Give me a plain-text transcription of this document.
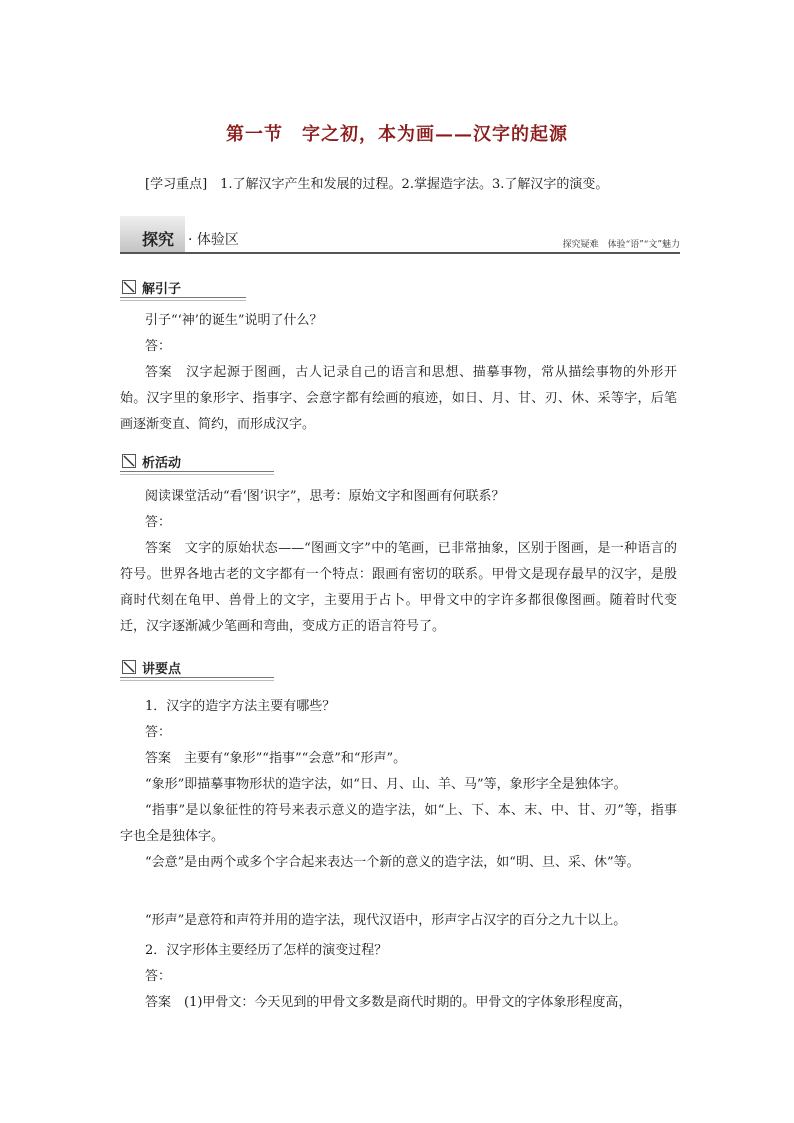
第一节　字之初，本为画——汉字的起源
[学习重点]　1.了解汉字产生和发展的过程。2.掌握造字法。3.了解汉字的演变。
探究 · 体验区	探究疑难　体验“语”“文”魅力
解引子

引子“‘神’的诞生”说明了什么？

答：

答案　汉字起源于图画，古人记录自己的语言和思想、描摹事物，常从描绘事物的外形开始。汉字里的象形字、指事字、会意字都有绘画的痕迹，如日、月、甘、刃、休、采等字，后笔画逐渐变直、简约，而形成汉字。

析活动

阅读课堂活动“看‘图’识字”，思考：原始文字和图画有何联系？

答：

答案　文字的原始状态——“图画文字”中的笔画，已非常抽象，区别于图画，是一种语言的符号。世界各地古老的文字都有一个特点：跟画有密切的联系。甲骨文是现存最早的汉字，是殷商时代刻在龟甲、兽骨上的文字，主要用于占卜。甲骨文中的字许多都很像图画。随着时代变迁，汉字逐渐减少笔画和弯曲，变成方正的语言符号了。

讲要点

1．汉字的造字方法主要有哪些？

答：

答案　主要有“象形”“指事”“会意”和“形声”。

“象形”即描摹事物形状的造字法，如“日、月、山、羊、马”等，象形字全是独体字。

“指事”是以象征性的符号来表示意义的造字法，如“上、下、本、末、中、甘、刃”等，指事字也全是独体字。

“会意”是由两个或多个字合起来表达一个新的意义的造字法，如“明、旦、采、休”等。

“形声”是意符和声符并用的造字法，现代汉语中，形声字占汉字的百分之九十以上。

2．汉字形体主要经历了怎样的演变过程？

答：

答案　(1)甲骨文：今天见到的甲骨文多数是商代时期的。甲骨文的字体象形程度高，
